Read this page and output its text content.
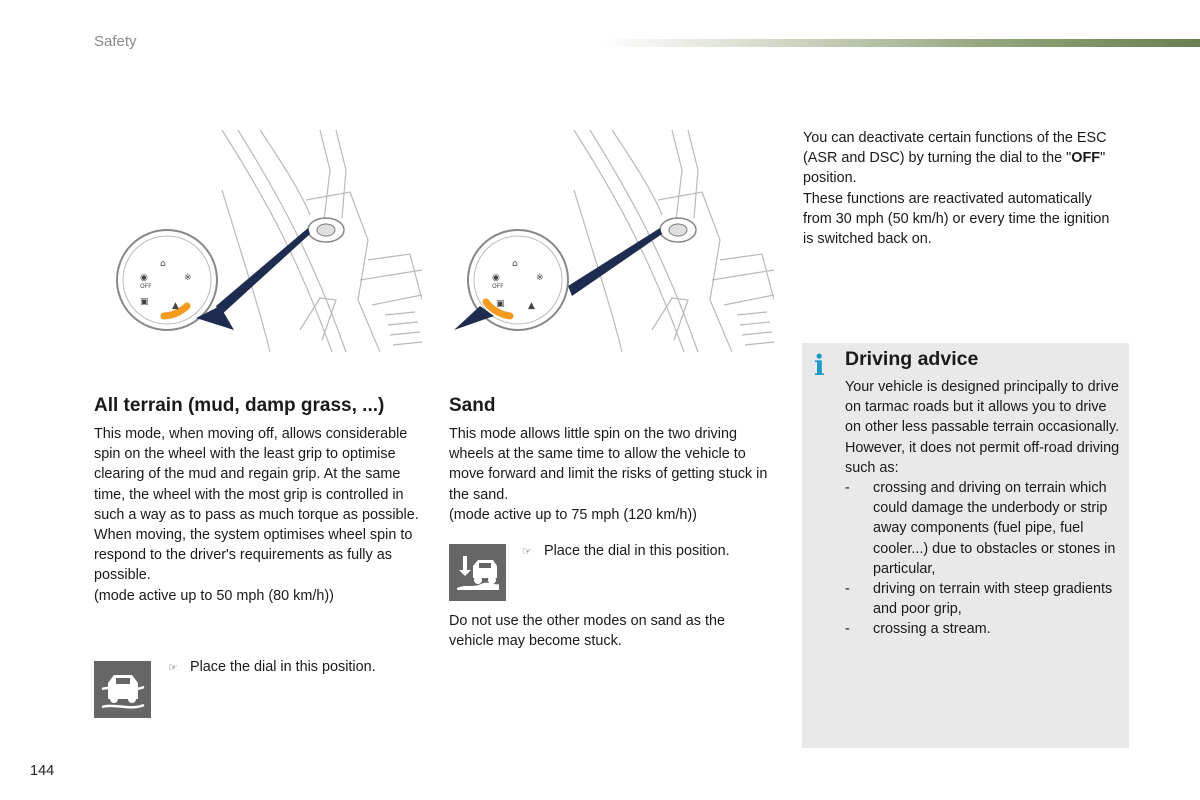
Safety
⌂
◉	※
▣	▲
OFF
⌂
◉	※
▣	▲
OFF

You can deactivate certain functions of the ESC (ASR and DSC) by turning the dial to the "OFF" position.

These functions are reactivated automatically from 30 mph (50 km/h) or every time the ignition is switched back on.

All terrain (mud, damp grass, ...)

This mode, when moving off, allows considerable spin on the wheel with the least grip to optimise clearing of the mud and regain grip. At the same time, the wheel with the most grip is controlled in such a way as to pass as much torque as possible.

When moving, the system optimises wheel spin to respond to the driver's requirements as fully as possible.

(mode active up to 50 mph (80 km/h))

☞ Place the dial in this position.
Sand

This mode allows little spin on the two driving wheels at the same time to allow the vehicle to move forward and limit the risks of getting stuck in the sand.

(mode active up to 75 mph (120 km/h))

☞ Place the dial in this position.
Do not use the other modes on sand as the vehicle may become stuck.
i Driving advice

Your vehicle is designed principally to drive on tarmac roads but it allows you to drive on other less passable terrain occasionally.

However, it does not permit off-road driving such as:

- crossing and driving on terrain which could damage the underbody or strip away components (fuel pipe, fuel cooler...) due to obstacles or stones in particular,
- driving on terrain with steep gradients and poor grip,
- crossing a stream.
144
